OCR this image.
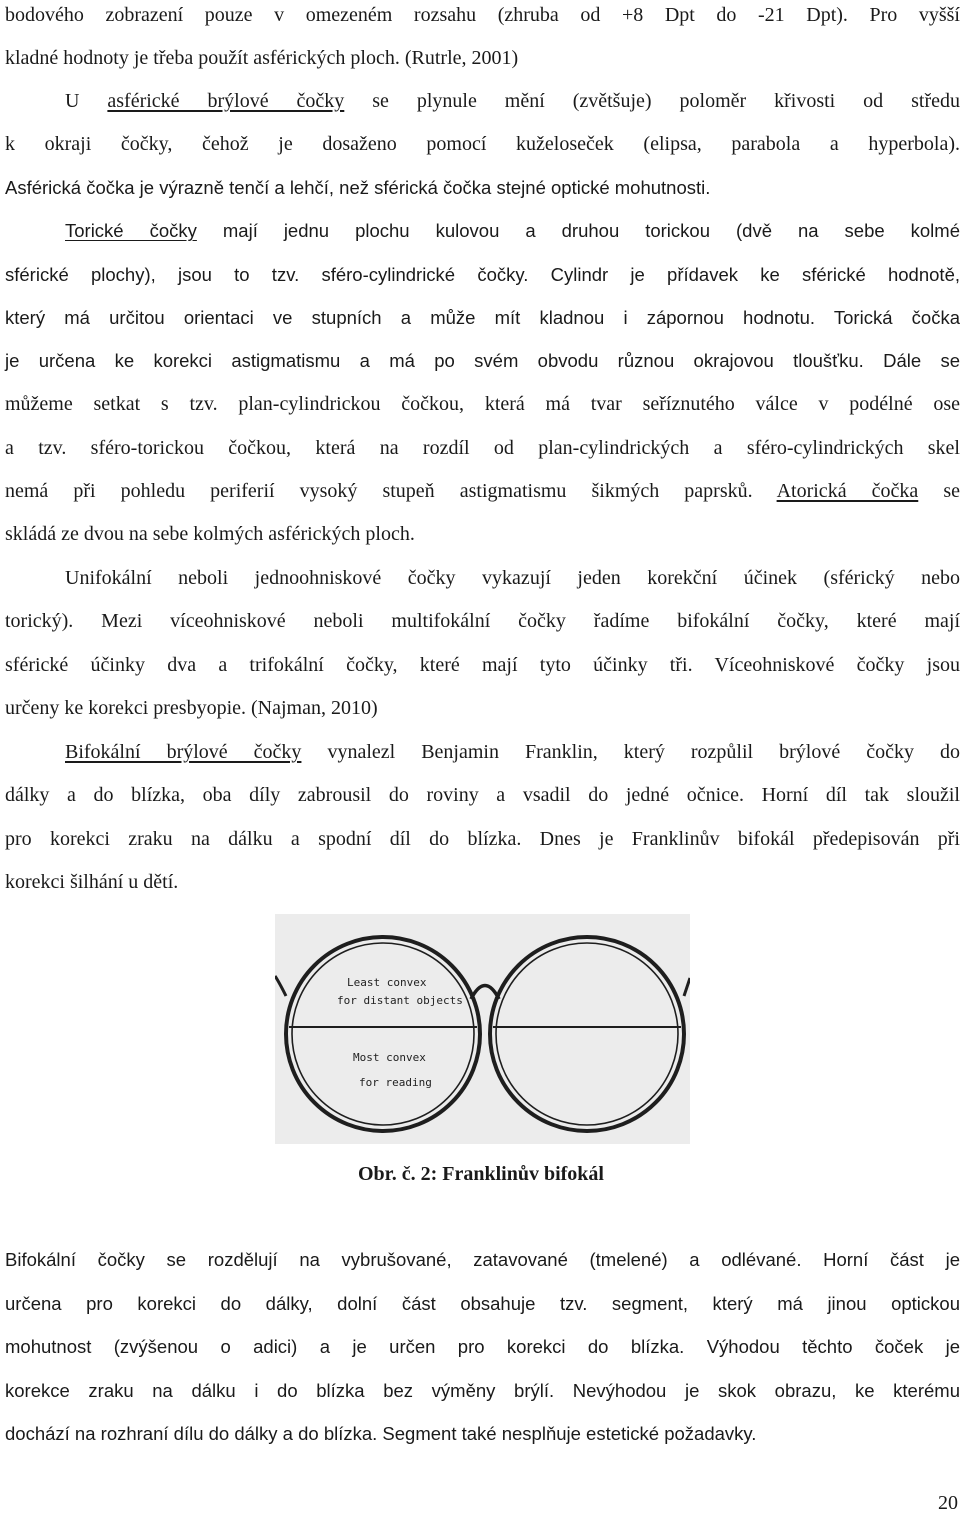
bodového zobrazení pouze v omezeném rozsahu (zhruba od +8 Dpt do -21 Dpt). Pro vyšší
kladné hodnoty je třeba použít asférických ploch. (Rutrle, 2001)
U asférické brýlové čočky se plynule mění (zvětšuje) poloměr křivosti od středu
k okraji čočky, čehož je dosaženo pomocí kuželoseček (elipsa, parabola a hyperbola).
Asférická čočka je výrazně tenčí a lehčí, než sférická čočka stejné optické mohutnosti.
Torické čočky mají jednu plochu kulovou a druhou torickou (dvě na sebe kolmé
sférické plochy), jsou to tzv. sféro-cylindrické čočky. Cylindr je přídavek ke sférické hodnotě,
který má určitou orientaci ve stupních a může mít kladnou i zápornou hodnotu. Torická čočka
je určena ke korekci astigmatismu a má po svém obvodu různou okrajovou tloušťku. Dále se
můžeme setkat s tzv. plan-cylindrickou čočkou, která má tvar seříznutého válce v podélné ose
a tzv. sféro-torickou čočkou, která na rozdíl od plan-cylindrických a sféro-cylindrických skel
nemá při pohledu periferií vysoký stupeň astigmatismu šikmých paprsků. Atorická čočka se
skládá ze dvou na sebe kolmých asférických ploch.
Unifokální neboli jednoohniskové čočky vykazují jeden korekční účinek (sférický nebo
torický). Mezi víceohniskové neboli multifokální čočky řadíme bifokální čočky, které mají
sférické účinky dva a trifokální čočky, které mají tyto účinky tři. Víceohniskové čočky jsou
určeny ke korekci presbyopie. (Najman, 2010)
Bifokální brýlové čočky vynalezl Benjamin Franklin, který rozpůlil brýlové čočky do
dálky a do blízka, oba díly zabrousil do roviny a vsadil do jedné očnice. Horní díl tak sloužil
pro korekci zraku na dálku a spodní díl do blízka. Dnes je Franklinův bifokál předepisován při
korekci šilhání u dětí.
Least convex
for distant objects
Most convex
for reading
Obr. č. 2: Franklinův bifokál
Bifokální čočky se rozdělují na vybrušované, zatavované (tmelené) a odlévané. Horní část je
určena pro korekci do dálky, dolní část obsahuje tzv. segment, který má jinou optickou
mohutnost (zvýšenou o adici) a je určen pro korekci do blízka. Výhodou těchto čoček je
korekce zraku na dálku i do blízka bez výměny brýlí. Nevýhodou je skok obrazu, ke kterému
dochází na rozhraní dílu do dálky a do blízka. Segment také nesplňuje estetické požadavky.
20
